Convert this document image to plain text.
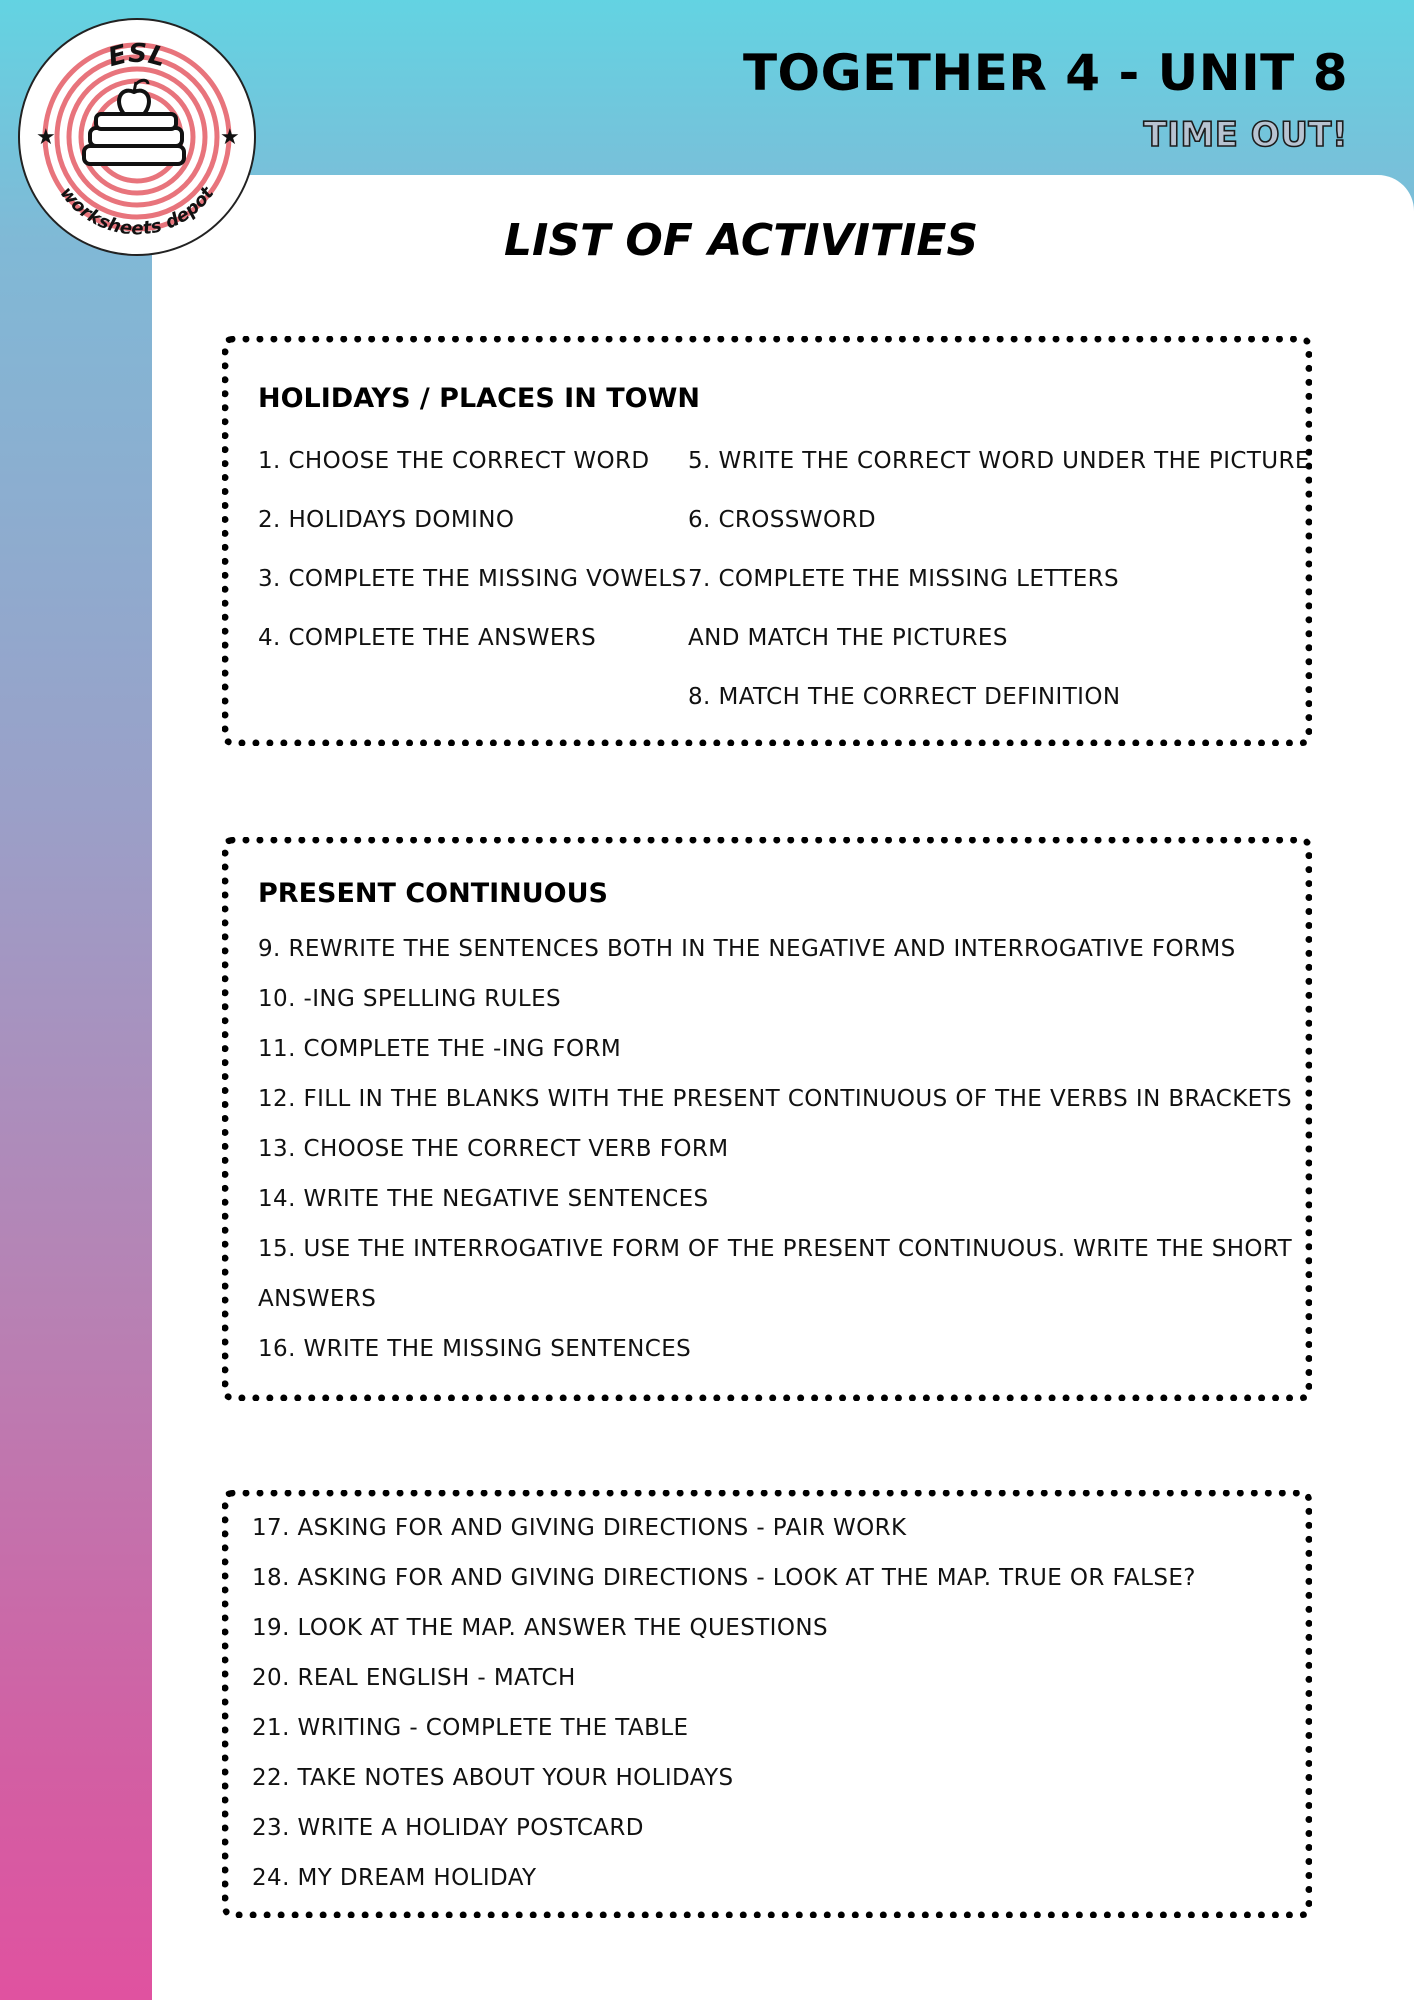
ESL
worksheets depot
★	★
TOGETHER 4 - UNIT 8
TIME OUT!
LIST OF ACTIVITIES
HOLIDAYS / PLACES IN TOWN
1. CHOOSE THE CORRECT WORD
2. HOLIDAYS DOMINO
3. COMPLETE THE MISSING VOWELS
4. COMPLETE THE ANSWERS
5. WRITE THE CORRECT WORD UNDER THE PICTURE
6. CROSSWORD
7. COMPLETE THE MISSING LETTERS
AND MATCH THE PICTURES
8. MATCH THE CORRECT DEFINITION
PRESENT CONTINUOUS
9. REWRITE THE SENTENCES BOTH IN THE NEGATIVE AND INTERROGATIVE FORMS
10. -ING SPELLING RULES
11. COMPLETE THE -ING FORM
12. FILL IN THE BLANKS WITH THE PRESENT CONTINUOUS OF THE VERBS IN BRACKETS
13. CHOOSE THE CORRECT VERB FORM
14. WRITE THE NEGATIVE SENTENCES
15. USE THE INTERROGATIVE FORM OF THE PRESENT CONTINUOUS. WRITE THE SHORT
ANSWERS
16. WRITE THE MISSING SENTENCES
17. ASKING FOR AND GIVING DIRECTIONS - PAIR WORK
18. ASKING FOR AND GIVING DIRECTIONS - LOOK AT THE MAP. TRUE OR FALSE?
19. LOOK AT THE MAP. ANSWER THE QUESTIONS
20. REAL ENGLISH - MATCH
21. WRITING - COMPLETE THE TABLE
22. TAKE NOTES ABOUT YOUR HOLIDAYS
23. WRITE A HOLIDAY POSTCARD
24. MY DREAM HOLIDAY
